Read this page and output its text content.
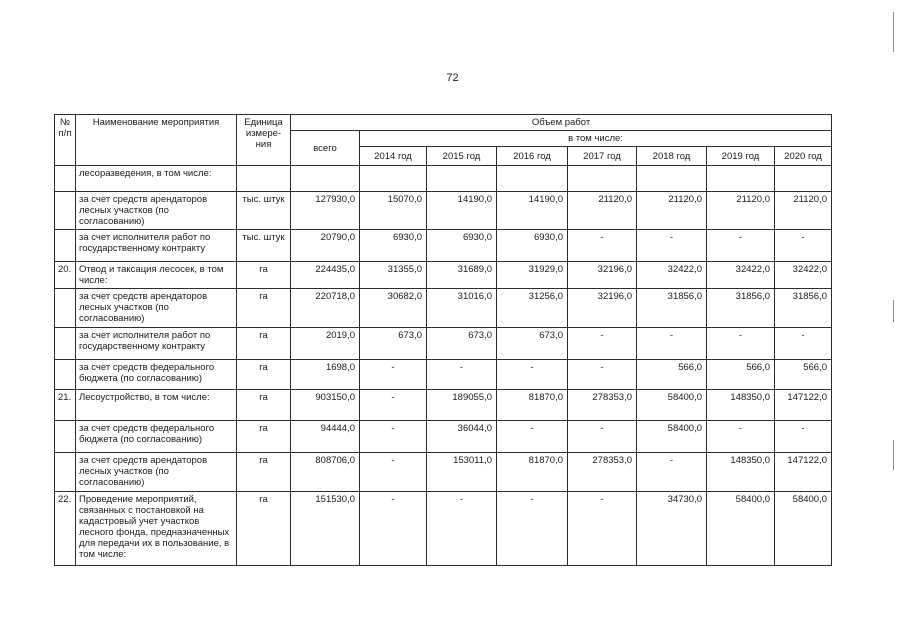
72
№ п/п	Наименование мероприятия	Единица измере-ния	Объем работ							
			всего	в том числе:						
				2014 год	2015 год	2016 год	2017 год	2018 год	2019 год	2020 год
	лесоразведения, в том числе:									
	за счет средств арендаторов лесных участков (по согласованию)	тыс. штук	127930,0	15070,0	14190,0	14190,0	21120,0	21120,0	21120,0	21120,0
	за счет исполнителя работ по государственному контракту	тыс. штук	20790,0	6930,0	6930,0	6930,0	-	-	-	-
20.	Отвод и таксация лесосек, в том числе:	га	224435,0	31355,0	31689,0	31929,0	32196,0	32422,0	32422,0	32422,0
	за счет средств арендаторов лесных участков (по согласованию)	га	220718,0	30682,0	31016,0	31256,0	32196,0	31856,0	31856,0	31856,0
	за счет исполнителя работ по государственному контракту	га	2019,0	673,0	673,0	673,0	-	-	-	-
	за счет средств федерального бюджета (по согласованию)	га	1698,0	-	-	-	-	566,0	566,0	566,0
21.	Лесоустройство, в том числе:	га	903150,0	-	189055,0	81870,0	278353,0	58400,0	148350,0	147122,0
	за счет средств федерального бюджета (по согласованию)	га	94444,0	-	36044,0	-	-	58400,0	-	-
	за счет средств арендаторов лесных участков (по согласованию)	га	808706,0	-	153011,0	81870,0	278353,0	-	148350,0	147122,0
22.	Проведение мероприятий, связанных с постановкой на кадастровый учет участков лесного фонда, предназначенных для передачи их в пользование, в том числе:	га	151530,0	-	-	-	-	34730,0	58400,0	58400,0
